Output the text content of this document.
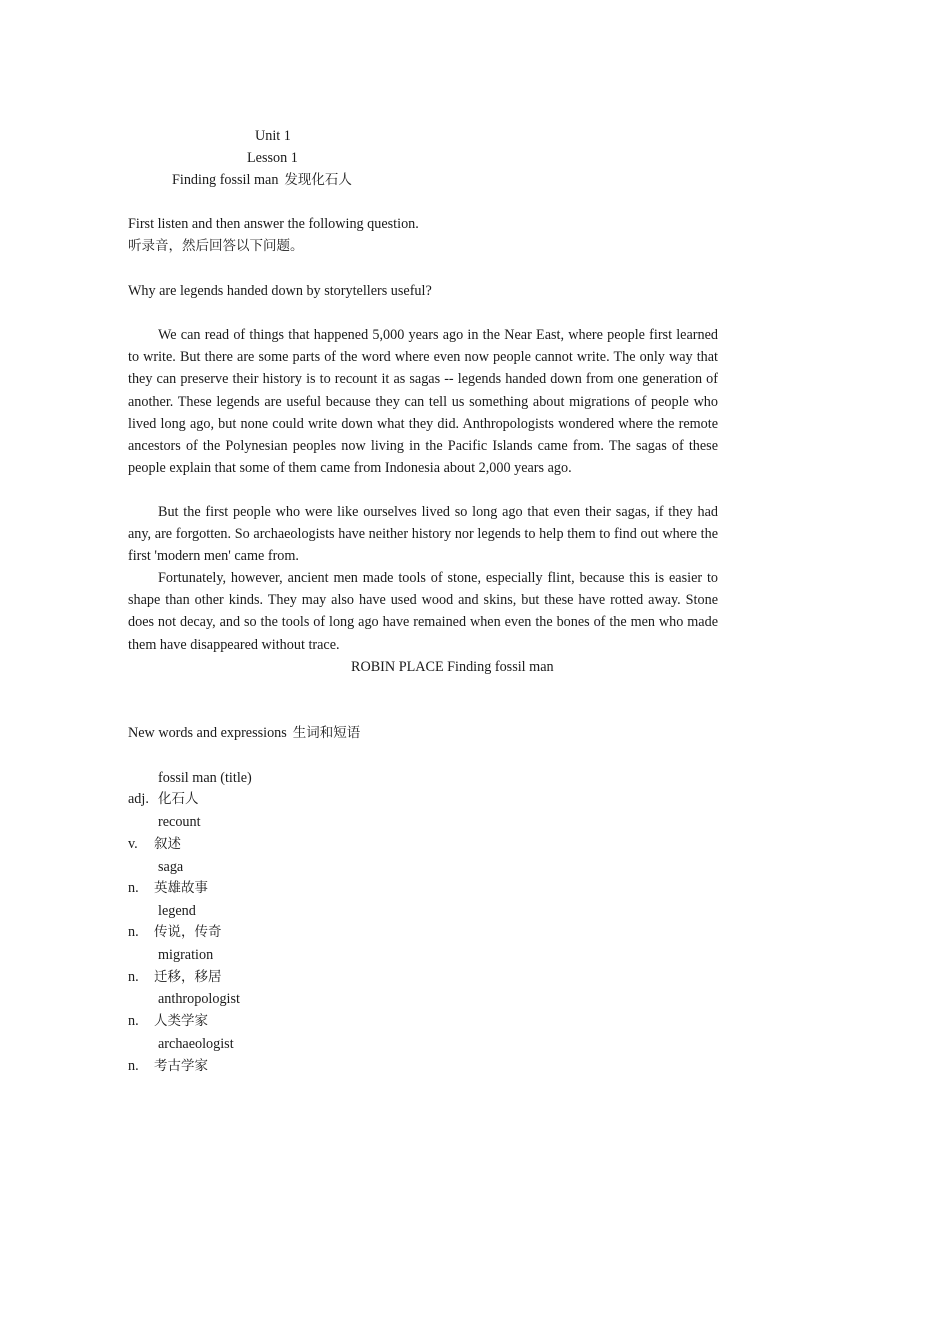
Unit 1
Lesson 1
Finding fossil man 发现化石人
First listen and then answer the following question.
听录音，然后回答以下问题。
Why are legends handed down by storytellers useful?
We can read of things that happened 5,000 years ago in the Near East, where people first learned to write. But there are some parts of the word where even now people cannot write. The only way that they can preserve their history is to recount it as sagas -- legends handed down from one generation of another. These legends are useful because they can tell us something about migrations of people who lived long ago, but none could write down what they did. Anthropologists wondered where the remote ancestors of the Polynesian peoples now living in the Pacific Islands came from. The sagas of these people explain that some of them came from Indonesia about 2,000 years ago.
But the first people who were like ourselves lived so long ago that even their sagas, if they had any, are forgotten. So archaeologists have neither history nor legends to help them to find out where the first 'modern men' came from.
Fortunately, however, ancient men made tools of stone, especially flint, because this is easier to shape than other kinds. They may also have used wood and skins, but these have rotted away. Stone does not decay, and so the tools of long ago have remained when even the bones of the men who made them have disappeared without trace.
ROBIN PLACE Finding fossil man
New words and expressions 生词和短语
fossil man (title)
adj. 化石人
recount
v. 叙述
saga
n. 英雄故事
legend
n. 传说，传奇
migration
n. 迁移，移居
anthropologist
n. 人类学家
archaeologist
n. 考古学家
